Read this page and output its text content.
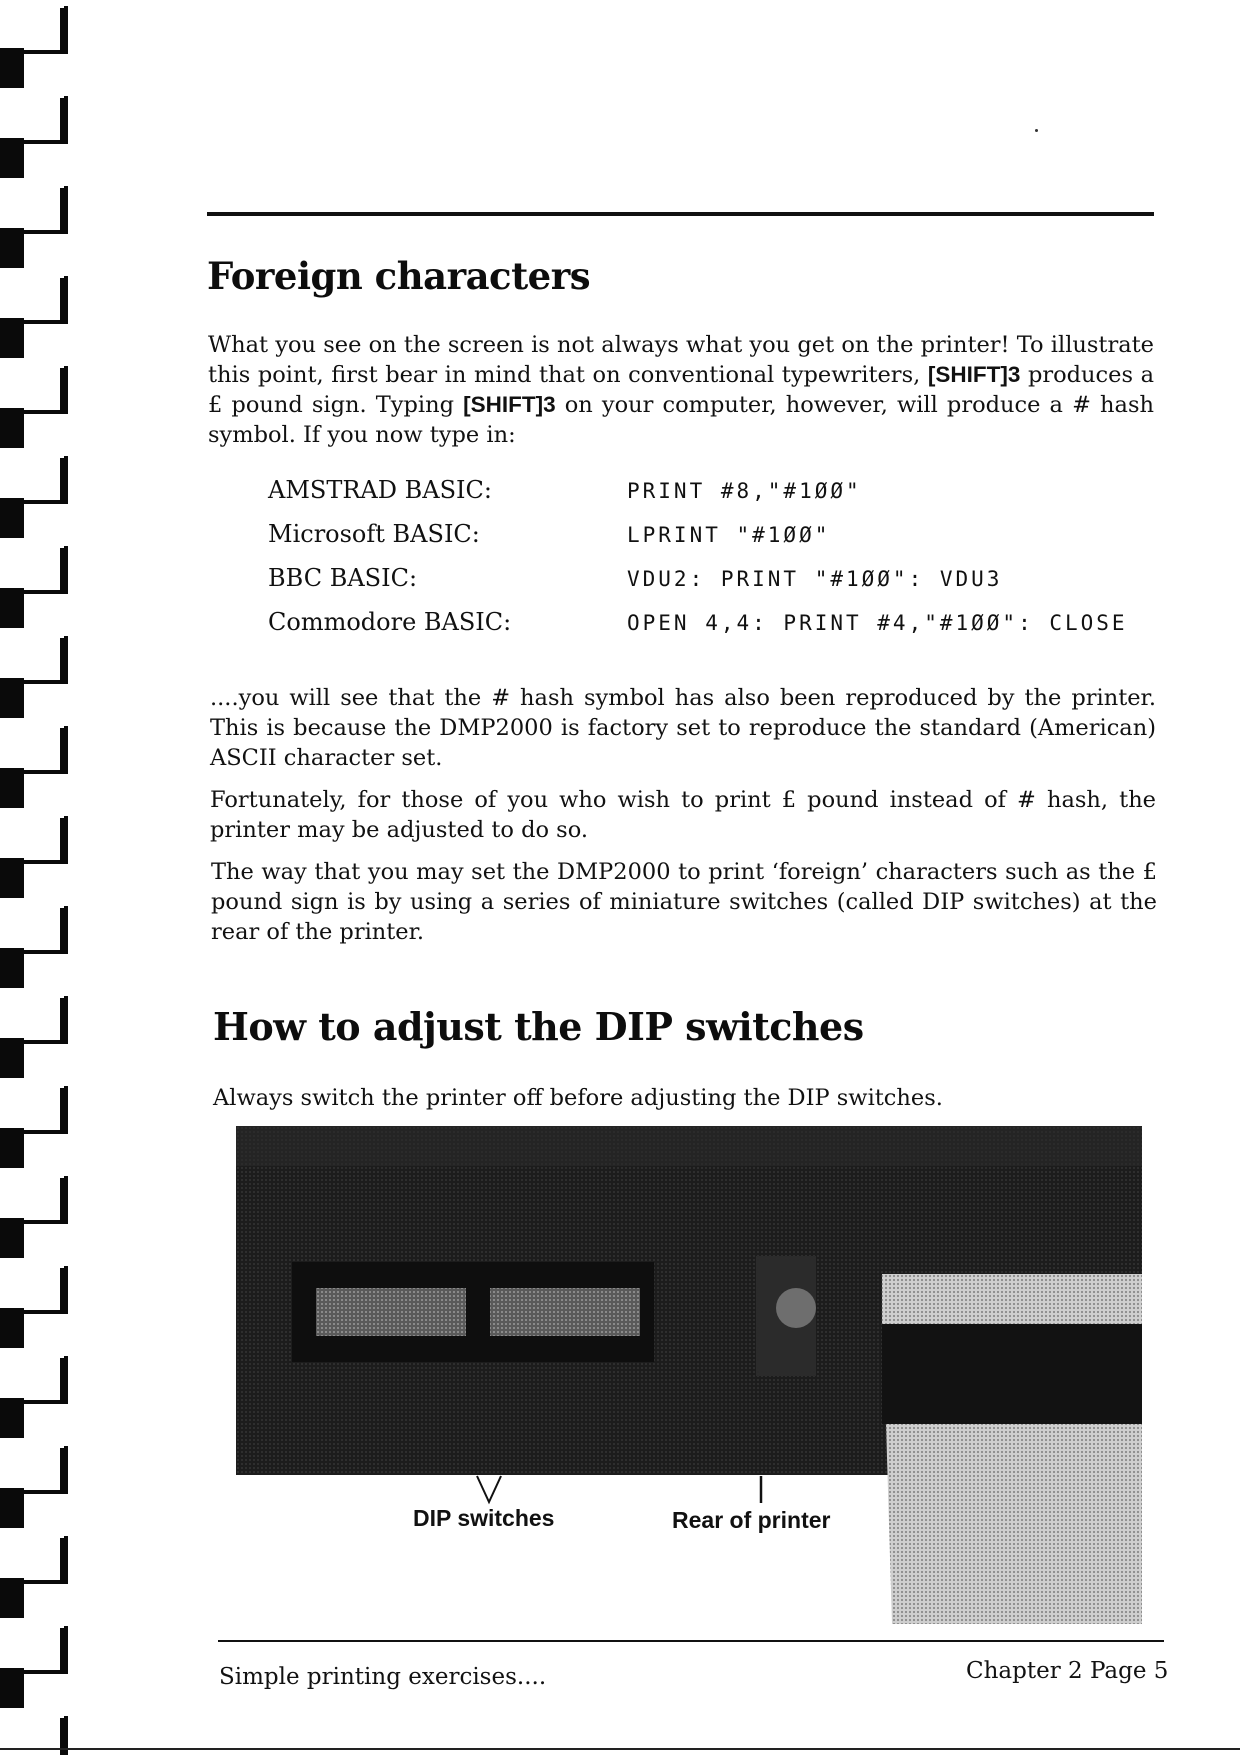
Foreign characters

What you see on the screen is not always what you get on the printer! To illustrate this point, first bear in mind that on conventional typewriters, [SHIFT]3 produces a £ pound sign. Typing [SHIFT]3 on your computer, however, will produce a # hash symbol. If you now type in:

AMSTRAD BASIC:	PRINT #8,"#1ØØ"
Microsoft BASIC:	LPRINT "#1ØØ"
BBC BASIC:	VDU2: PRINT "#1ØØ": VDU3
Commodore BASIC:	OPEN 4,4: PRINT #4,"#1ØØ": CLOSE

....you will see that the # hash symbol has also been reproduced by the printer. This is because the DMP2000 is factory set to reproduce the standard (American) ASCII character set.

Fortunately, for those of you who wish to print £ pound instead of # hash, the printer may be adjusted to do so.

The way that you may set the DMP2000 to print ‘foreign’ characters such as the £ pound sign is by using a series of miniature switches (called DIP switches) at the rear of the printer.

How to adjust the DIP switches

Always switch the printer off before adjusting the DIP switches.

DIP switches	Rear of printer
Simple printing exercises....	Chapter 2 Page 5
